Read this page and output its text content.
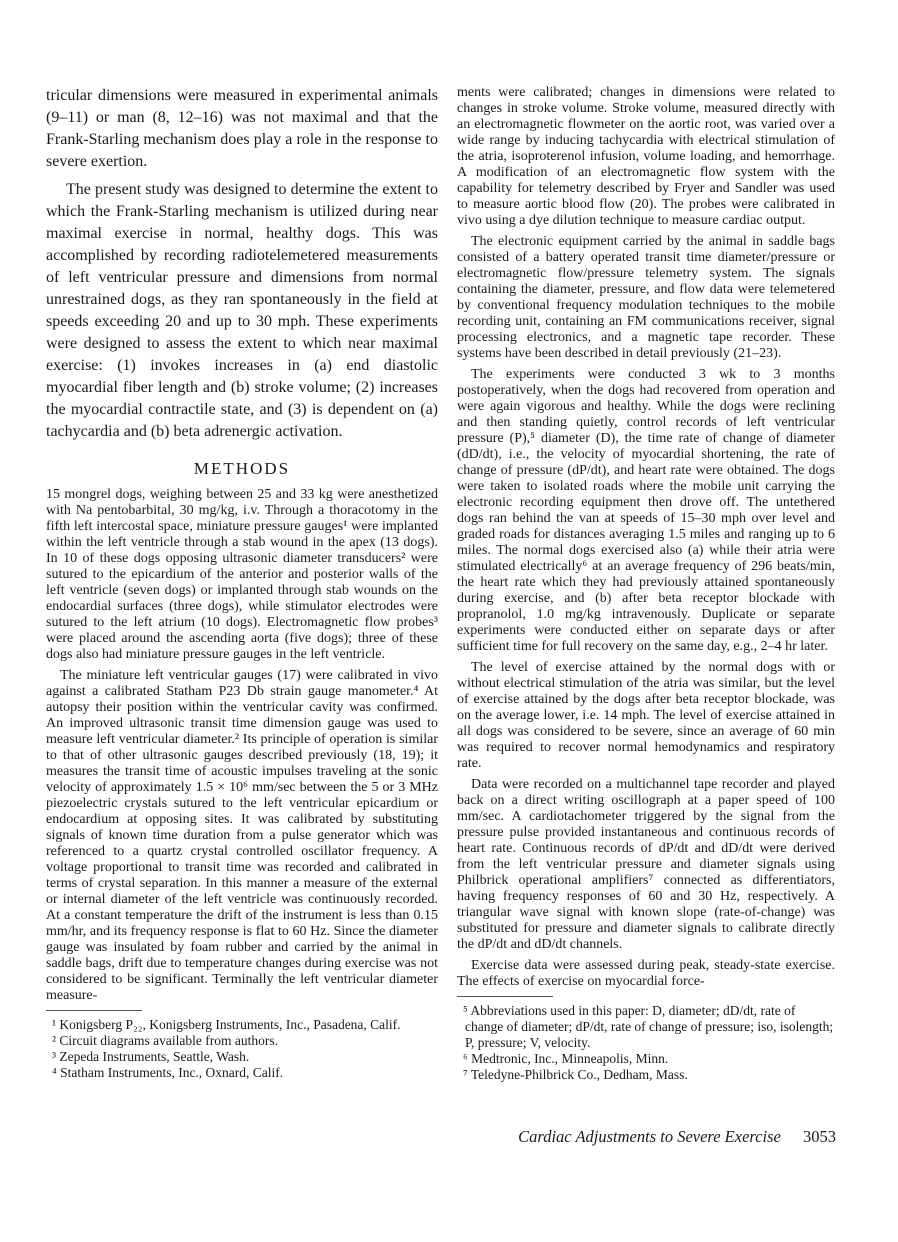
tricular dimensions were measured in experimental animals (9–11) or man (8, 12–16) was not maximal and that the Frank-Starling mechanism does play a role in the response to severe exertion.

The present study was designed to determine the extent to which the Frank-Starling mechanism is utilized during near maximal exercise in normal, healthy dogs. This was accomplished by recording radiotelemetered measurements of left ventricular pressure and dimensions from normal unrestrained dogs, as they ran spontaneously in the field at speeds exceeding 20 and up to 30 mph. These experiments were designed to assess the extent to which near maximal exercise: (1) invokes increases in (a) end diastolic myocardial fiber length and (b) stroke volume; (2) increases the myocardial contractile state, and (3) is dependent on (a) tachycardia and (b) beta adrenergic activation.

METHODS

15 mongrel dogs, weighing between 25 and 33 kg were anesthetized with Na pentobarbital, 30 mg/kg, i.v. Through a thoracotomy in the fifth left intercostal space, miniature pressure gauges¹ were implanted within the left ventricle through a stab wound in the apex (13 dogs). In 10 of these dogs opposing ultrasonic diameter transducers² were sutured to the epicardium of the anterior and posterior walls of the left ventricle (seven dogs) or implanted through stab wounds on the endocardial surfaces (three dogs), while stimulator electrodes were sutured to the left atrium (10 dogs). Electromagnetic flow probes³ were placed around the ascending aorta (five dogs); three of these dogs also had miniature pressure gauges in the left ventricle.

The miniature left ventricular gauges (17) were calibrated in vivo against a calibrated Statham P23 Db strain gauge manometer.⁴ At autopsy their position within the ventricular cavity was confirmed. An improved ultrasonic transit time dimension gauge was used to measure left ventricular diameter.² Its principle of operation is similar to that of other ultrasonic gauges described previously (18, 19); it measures the transit time of acoustic impulses traveling at the sonic velocity of approximately 1.5 × 10⁶ mm/sec between the 5 or 3 MHz piezoelectric crystals sutured to the left ventricular epicardium or endocardium at opposing sites. It was calibrated by substituting signals of known time duration from a pulse generator which was referenced to a quartz crystal controlled oscillator frequency. A voltage proportional to transit time was recorded and calibrated in terms of crystal separation. In this manner a measure of the external or internal diameter of the left ventricle was continuously recorded. At a constant temperature the drift of the instrument is less than 0.15 mm/hr, and its frequency response is flat to 60 Hz. Since the diameter gauge was insulated by foam rubber and carried by the animal in saddle bags, drift due to temperature changes during exercise was not considered to be significant. Terminally the left ventricular diameter measure-

¹ Konigsberg P₂₂, Konigsberg Instruments, Inc., Pasadena, Calif.

² Circuit diagrams available from authors.

³ Zepeda Instruments, Seattle, Wash.

⁴ Statham Instruments, Inc., Oxnard, Calif.

ments were calibrated; changes in dimensions were related to changes in stroke volume. Stroke volume, measured directly with an electromagnetic flowmeter on the aortic root, was varied over a wide range by inducing tachycardia with electrical stimulation of the atria, isoproterenol infusion, volume loading, and hemorrhage. A modification of an electromagnetic flow system with the capability for telemetry described by Fryer and Sandler was used to measure aortic blood flow (20). The probes were calibrated in vivo using a dye dilution technique to measure cardiac output.

The electronic equipment carried by the animal in saddle bags consisted of a battery operated transit time diameter/pressure or electromagnetic flow/pressure telemetry system. The signals containing the diameter, pressure, and flow data were telemetered by conventional frequency modulation techniques to the mobile recording unit, containing an FM communications receiver, signal processing electronics, and a magnetic tape recorder. These systems have been described in detail previously (21–23).

The experiments were conducted 3 wk to 3 months postoperatively, when the dogs had recovered from operation and were again vigorous and healthy. While the dogs were reclining and then standing quietly, control records of left ventricular pressure (P),⁵ diameter (D), the time rate of change of diameter (dD/dt), i.e., the velocity of myocardial shortening, the rate of change of pressure (dP/dt), and heart rate were obtained. The dogs were taken to isolated roads where the mobile unit carrying the electronic recording equipment then drove off. The untethered dogs ran behind the van at speeds of 15–30 mph over level and graded roads for distances averaging 1.5 miles and ranging up to 6 miles. The normal dogs exercised also (a) while their atria were stimulated electrically⁶ at an average frequency of 296 beats/min, the heart rate which they had previously attained spontaneously during exercise, and (b) after beta receptor blockade with propranolol, 1.0 mg/kg intravenously. Duplicate or separate experiments were conducted either on separate days or after sufficient time for full recovery on the same day, e.g., 2–4 hr later.

The level of exercise attained by the normal dogs with or without electrical stimulation of the atria was similar, but the level of exercise attained by the dogs after beta receptor blockade, was on the average lower, i.e. 14 mph. The level of exercise attained in all dogs was considered to be severe, since an average of 60 min was required to recover normal hemodynamics and respiratory rate.

Data were recorded on a multichannel tape recorder and played back on a direct writing oscillograph at a paper speed of 100 mm/sec. A cardiotachometer triggered by the signal from the pressure pulse provided instantaneous and continuous records of heart rate. Continuous records of dP/dt and dD/dt were derived from the left ventricular pressure and diameter signals using Philbrick operational amplifiers⁷ connected as differentiators, having frequency responses of 60 and 30 Hz, respectively. A triangular wave signal with known slope (rate-of-change) was substituted for pressure and diameter signals to calibrate directly the dP/dt and dD/dt channels.

Exercise data were assessed during peak, steady-state exercise. The effects of exercise on myocardial force-

⁵ Abbreviations used in this paper: D, diameter; dD/dt, rate of change of diameter; dP/dt, rate of change of pressure; iso, isolength; P, pressure; V, velocity.

⁶ Medtronic, Inc., Minneapolis, Minn.

⁷ Teledyne-Philbrick Co., Dedham, Mass.

Cardiac Adjustments to Severe Exercise 3053
